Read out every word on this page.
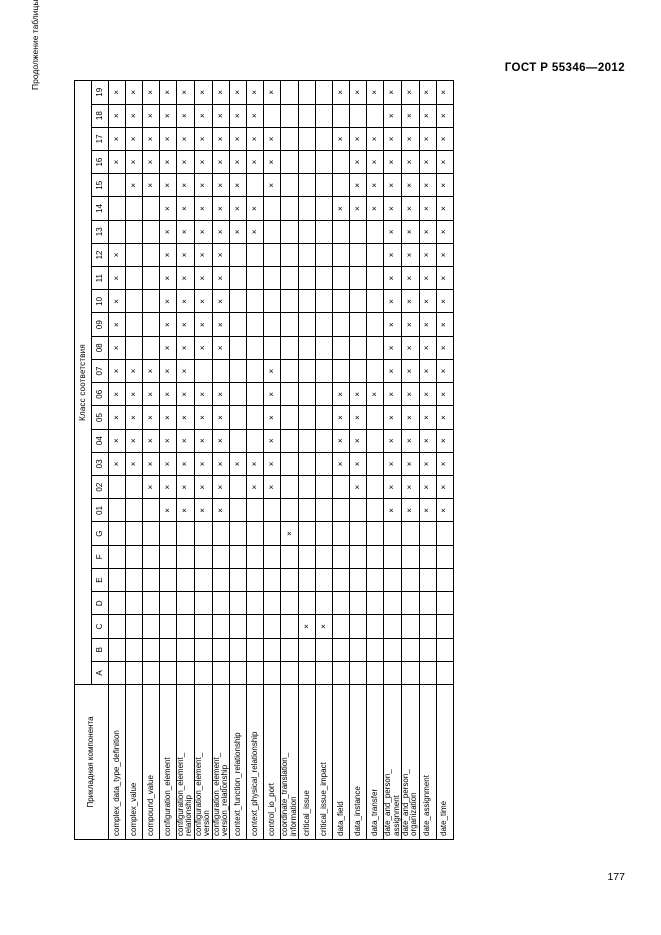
ГОСТ Р 55346—2012
Продолжение таблицы
Прикладная компонента	Класс соответствия																									
	A	B	C	D	E	F	G	01	02	03	04	05	06	07	08	09	10	11	12	13	14	15	16	17	18	19
complex_data_type_definition										×	×	×	×	×	×	×	×	×	×				×	×	×	×
complex_value										×	×	×	×	×								×	×	×	×	×
compound_value									×	×	×	×	×	×								×	×	×	×	×
configuration_element								×	×	×	×	×	×	×	×	×	×	×	×	×	×	×	×	×	×	×
configuration_element_
relationship								×	×	×	×	×	×	×	×	×	×	×	×	×	×	×	×	×	×	×
configuration_element_
version								×	×	×	×	×	×		×	×	×	×	×	×	×	×	×	×	×	×
configuration_element_
version_relationship								×	×	×	×	×	×		×	×	×	×	×	×	×	×	×	×	×	×
context_function_relationship										×										×	×	×	×	×	×	×
context_physical_relationship									×	×										×	×		×	×	×	×
control_io_port									×	×	×	×	×	×								×	×	×		×
coordinate_translation_
information							×																			
critical_issue			×																							
critical_issue_impact			×																							
data_field										×	×	×	×								×			×		×
data_instance									×	×	×	×	×								×	×	×	×		×
data_transfer													×								×	×	×	×		×
date_and_person_
assignment								×	×	×	×	×	×	×	×	×	×	×	×	×	×	×	×	×	×	×
date_and_person_
organization								×	×	×	×	×	×	×	×	×	×	×	×	×	×	×	×	×	×	×
date_assignment								×	×	×	×	×	×	×	×	×	×	×	×	×	×	×	×	×	×	×
date_time								×	×	×	×	×	×	×	×	×	×	×	×	×	×	×	×	×	×	×
177
